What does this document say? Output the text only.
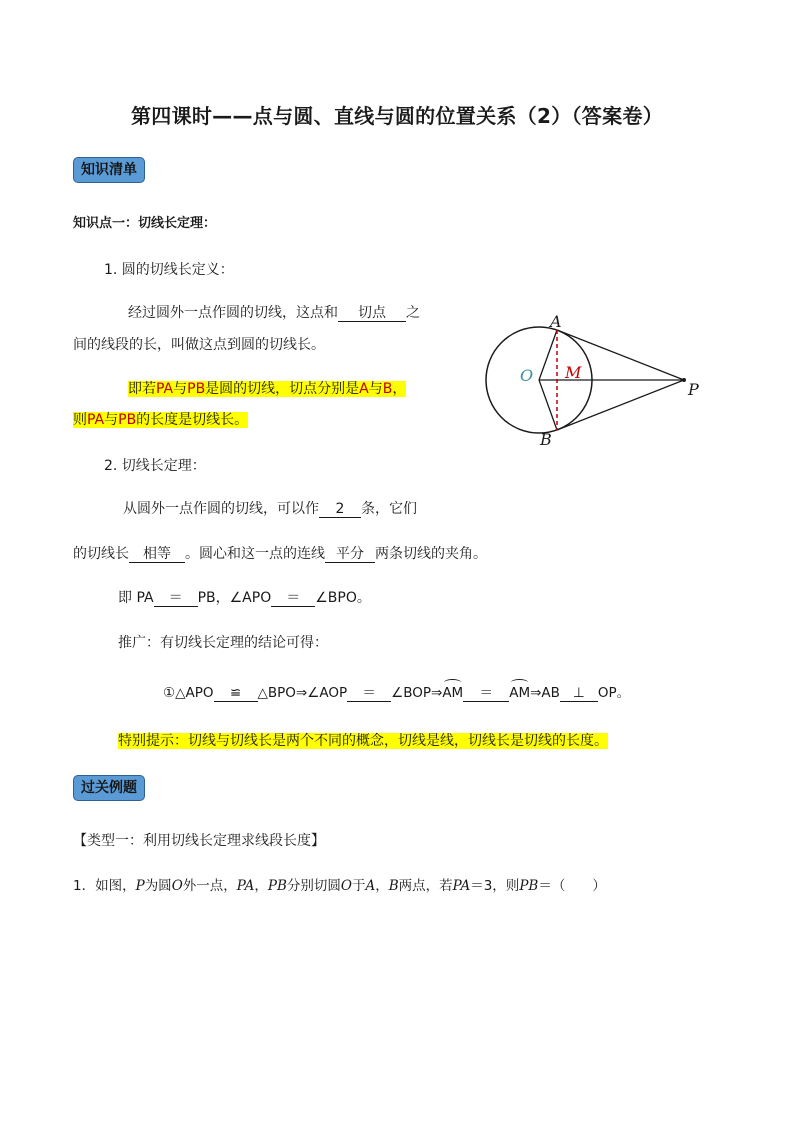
第四课时——点与圆、直线与圆的位置关系（2）（答案卷）
知识清单
知识点一：切线长定理：
1. 圆的切线长定义：
经过圆外一点作圆的切线，这点和 切点 之
间的线段的长，叫做这点到圆的切线长。
即若PA与PB是圆的切线，切点分别是A与B，
则PA与PB的长度是切线长。
A
O M
P
B
2. 切线长定理：
从圆外一点作圆的切线，可以作 2 条，它们
的切线长 相等 。圆心和这一点的连线 平分 两条切线的夹角。
即 PA ＝ PB，∠APO ＝ ∠BPO。
推广：有切线长定理的结论可得：
①△APO ≌ △BPO⇒∠AOP ＝ ∠BOP⇒AM ＝ AM⇒AB ⊥ OP。
特别提示：切线与切线长是两个不同的概念，切线是线，切线长是切线的长度。
过关例题
【类型一：利用切线长定理求线段长度】
1．如图，P为圆O外一点，PA，PB分别切圆O于A，B两点，若PA＝3，则PB＝（　　）
